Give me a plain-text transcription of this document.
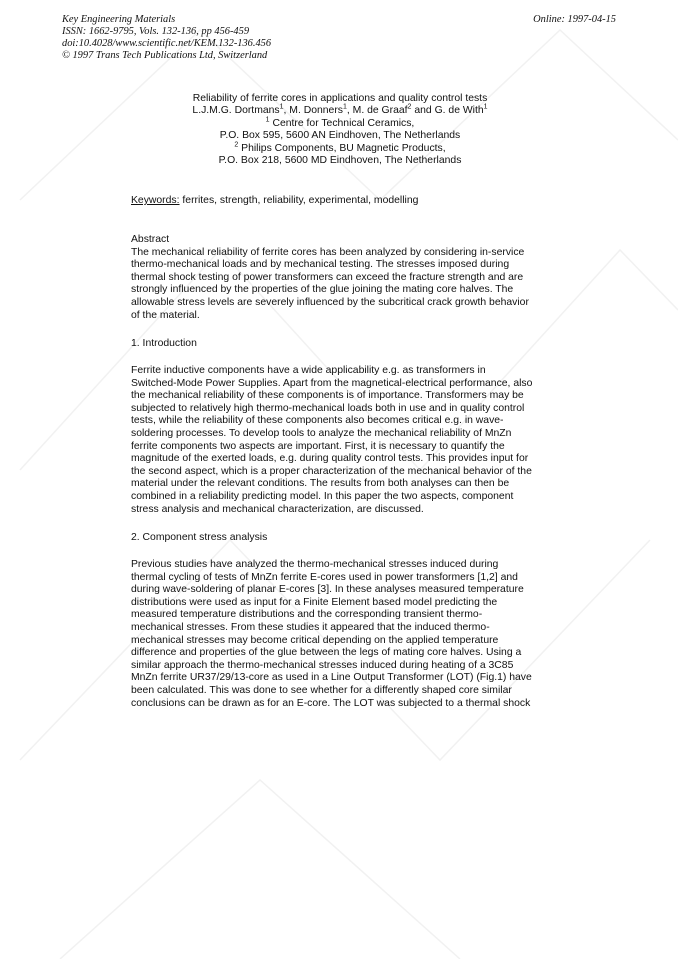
Key Engineering Materials
ISSN: 1662-9795, Vols. 132-136, pp 456-459
doi:10.4028/www.scientific.net/KEM.132-136.456
© 1997 Trans Tech Publications Ltd, Switzerland
Online: 1997-04-15
Reliability of ferrite cores in applications and quality control tests
L.J.M.G. Dortmans$^1$, M. Donners$^1$, M. de Graaf$^2$ and G. de With$^1$
$^1$ Centre for Technical Ceramics,
P.O. Box 595, 5600 AN Eindhoven, The Netherlands
$^2$ Philips Components, BU Magnetic Products,
P.O. Box 218, 5600 MD Eindhoven, The Netherlands
Keywords: ferrites, strength, reliability, experimental, modelling
Abstract
The mechanical reliability of ferrite cores has been analyzed by considering in-service
thermo-mechanical loads and by mechanical testing. The stresses imposed during
thermal shock testing of power transformers can exceed the fracture strength and are
strongly influenced by the properties of the glue joining the mating core halves. The
allowable stress levels are severely influenced by the subcritical crack growth behavior
of the material.
1. Introduction
Ferrite inductive components have a wide applicability e.g. as transformers in
Switched-Mode Power Supplies. Apart from the magnetical-electrical performance, also
the mechanical reliability of these components is of importance. Transformers may be
subjected to relatively high thermo-mechanical loads both in use and in quality control
tests, while the reliability of these components also becomes critical e.g. in wave-
soldering processes. To develop tools to analyze the mechanical reliability of MnZn
ferrite components two aspects are important. First, it is necessary to quantify the
magnitude of the exerted loads, e.g. during quality control tests. This provides input for
the second aspect, which is a proper characterization of the mechanical behavior of the
material under the relevant conditions. The results from both analyses can then be
combined in a reliability predicting model. In this paper the two aspects, component
stress analysis and mechanical characterization, are discussed.
2. Component stress analysis
Previous studies have analyzed the thermo-mechanical stresses induced during
thermal cycling of tests of MnZn ferrite E-cores used in power transformers [1,2] and
during wave-soldering of planar E-cores [3]. In these analyses measured temperature
distributions were used as input for a Finite Element based model predicting the
measured temperature distributions and the corresponding transient thermo-
mechanical stresses. From these studies it appeared that the induced thermo-
mechanical stresses may become critical depending on the applied temperature
difference and properties of the glue between the legs of mating core halves. Using a
similar approach the thermo-mechanical stresses induced during heating of a 3C85
MnZn ferrite UR37/29/13-core as used in a Line Output Transformer (LOT) (Fig.1) have
been calculated. This was done to see whether for a differently shaped core similar
conclusions can be drawn as for an E-core. The LOT was subjected to a thermal shock
